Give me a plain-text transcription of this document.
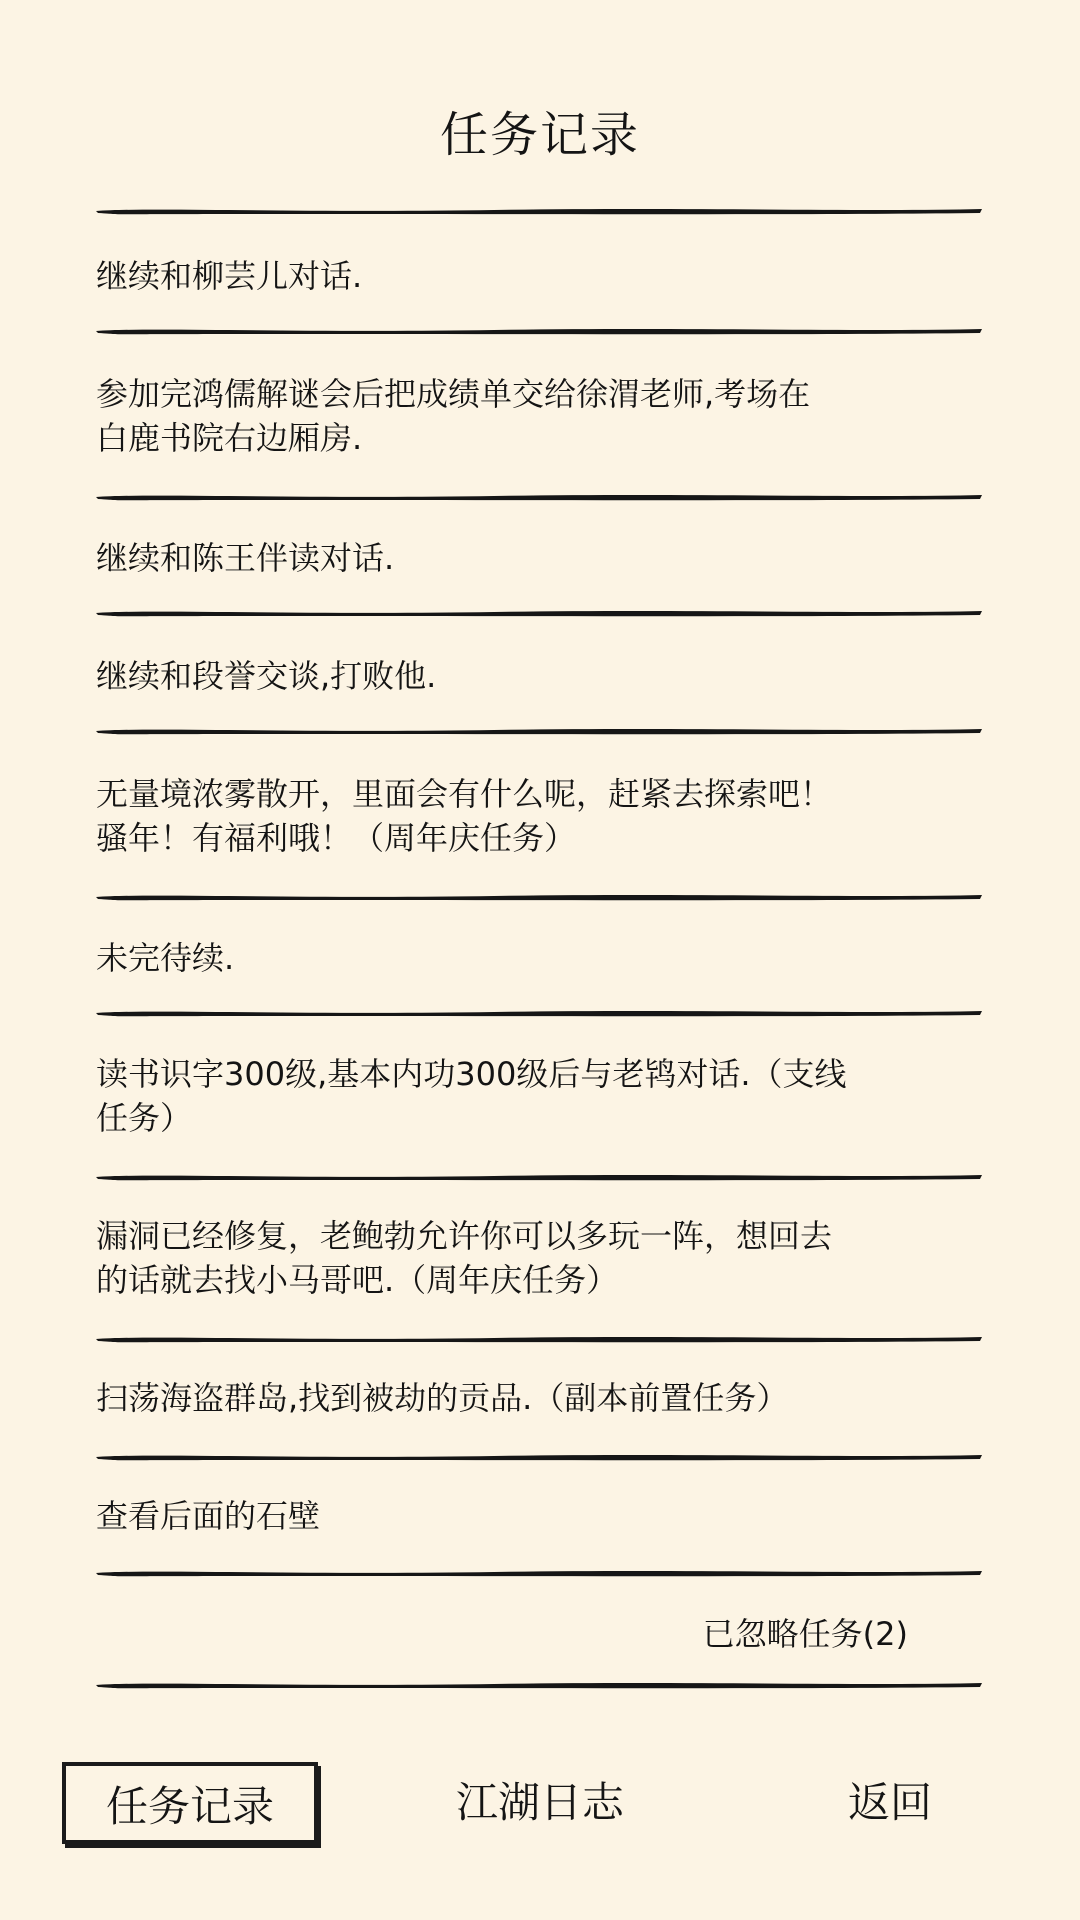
任务记录
继续和柳芸儿对话.
参加完鸿儒解谜会后把成绩单交给徐渭老师,考场在
白鹿书院右边厢房.
继续和陈王伴读对话.
继续和段誉交谈,打败他.
无量境浓雾散开，里面会有什么呢，赶紧去探索吧！
骚年！有福利哦！（周年庆任务）
未完待续.
读书识字300级,基本内功300级后与老鸨对话.（支线
任务）
漏洞已经修复，老鲍勃允许你可以多玩一阵，想回去
的话就去找小马哥吧.（周年庆任务）
扫荡海盗群岛,找到被劫的贡品.（副本前置任务）
查看后面的石壁
已忽略任务(2)
任务记录	江湖日志	返回
